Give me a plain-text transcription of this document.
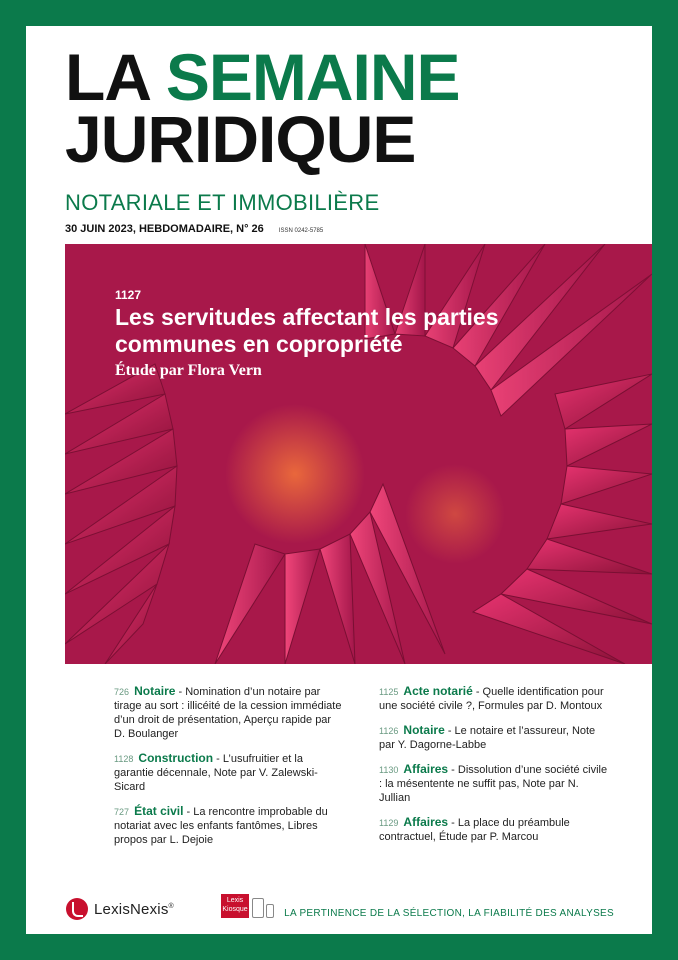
LA SEMAINE
JURIDIQUE
NOTARIALE ET IMMOBILIÈRE
30 JUIN 2023, HEBDOMADAIRE, N° 26	ISSN 0242-5785
1127
Les servitudes affectant les parties communes en copropriété
Étude par Flora Vern
726 Notaire - Nomination d’un notaire par tirage au sort : illicéité de la cession immédiate d’un droit de présentation, Aperçu rapide par D. Boulanger
1128 Construction - L’usufruitier et la garantie décennale, Note par V. Zalewski-Sicard
727 État civil - La rencontre improbable du notariat avec les enfants fantômes, Libres propos par L. Dejoie
1125 Acte notarié - Quelle identification pour une société civile ?, Formules par D. Montoux
1126 Notaire - Le notaire et l’assureur, Note par Y. Dagorne-Labbe
1130 Affaires - Dissolution d’une société civile : la mésentente ne suffit pas, Note par N. Jullian
1129 Affaires - La place du préambule contractuel, Étude par P. Marcou
LexisNexis®
Lexis
Kiosque	LA PERTINENCE DE LA SÉLECTION, LA FIABILITÉ DES ANALYSES
